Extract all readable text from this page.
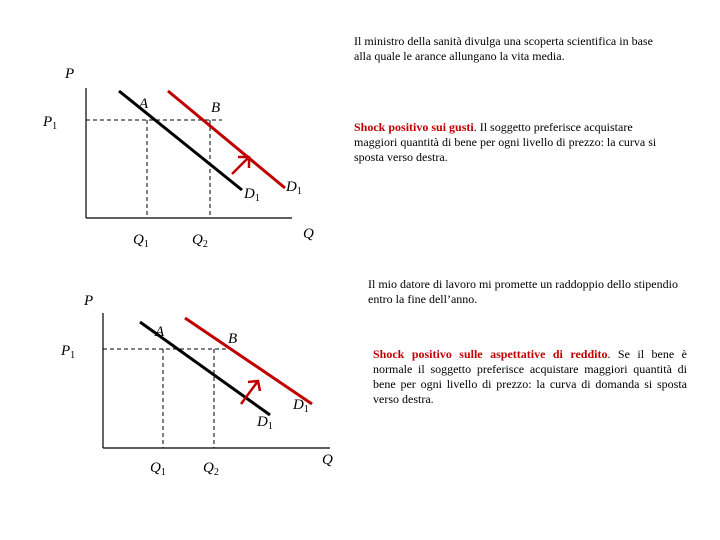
Il ministro della sanità divulga una scoperta scientifica in base alla quale le arance allungano la vita media.
Shock positivo sui gusti. Il soggetto preferisce acquistare maggiori quantità di bene per ogni livello di prezzo: la curva si sposta verso destra.
P
$P_1$
A	B
$D_1$
$D_1$
Q
$Q_1$	$Q_2$
Il mio datore di lavoro mi promette un raddoppio dello stipendio entro la fine dell’anno.
Shock positivo sulle aspettative di reddito. Se il bene è normale il soggetto preferisce acquistare maggiori quantità di bene per ogni livello di prezzo: la curva di domanda si sposta verso destra.
P
$P_1$
A	B
$D_1$
$D_1$
Q
$Q_1$ $Q_2$
